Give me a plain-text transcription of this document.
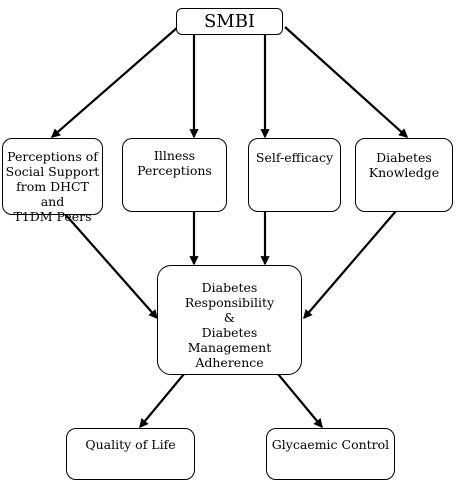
SMBI
Perceptions of
Social Support
from DHCT and
T1DM Peers
Illness
Perceptions
Self-efficacy	Diabetes
Knowledge
Diabetes
Responsibility
&
Diabetes Management
Adherence
Quality of Life	Glycaemic Control
